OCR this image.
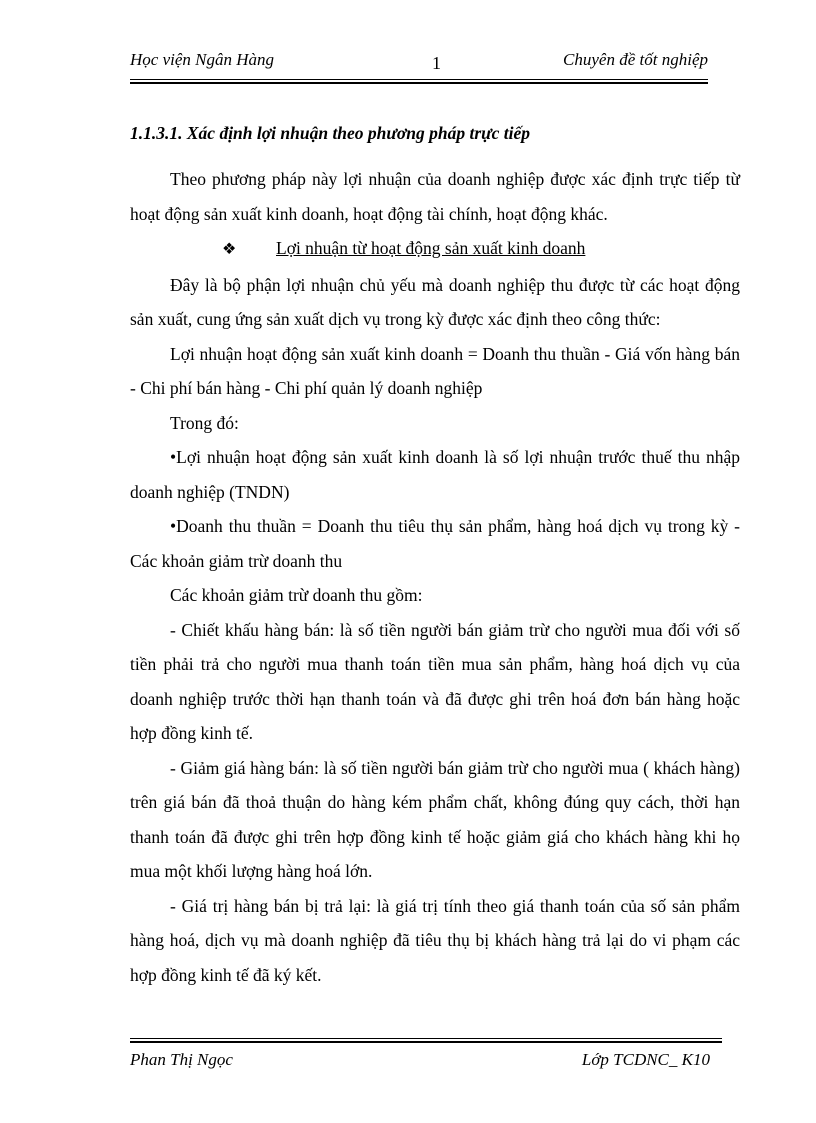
Học viện Ngân Hàng	1	Chuyên đề tốt nghiệp
1.1.3.1. Xác định lợi nhuận theo phương pháp trực tiếp

Theo phương pháp này lợi nhuận của doanh nghiệp được xác định trực tiếp từ hoạt động sản xuất kinh doanh, hoạt động tài chính, hoạt động khác.

❖ Lợi nhuận từ hoạt động sản xuất kinh doanh

Đây là bộ phận lợi nhuận chủ yếu mà doanh nghiệp thu được từ các hoạt động sản xuất, cung ứng sản xuất dịch vụ trong kỳ được xác định theo công thức:

Lợi nhuận hoạt động sản xuất kinh doanh = Doanh thu thuần - Giá vốn hàng bán - Chi phí bán hàng - Chi phí quản lý doanh nghiệp

Trong đó:

•Lợi nhuận hoạt động sản xuất kinh doanh là số lợi nhuận trước thuế thu nhập doanh nghiệp (TNDN)

•Doanh thu thuần = Doanh thu tiêu thụ sản phẩm, hàng hoá dịch vụ trong kỳ - Các khoản giảm trừ doanh thu

Các khoản giảm trừ doanh thu gồm:

- Chiết khấu hàng bán: là số tiền người bán giảm trừ cho người mua đối với số tiền phải trả cho người mua thanh toán tiền mua sản phẩm, hàng hoá dịch vụ của doanh nghiệp trước thời hạn thanh toán và đã được ghi trên hoá đơn bán hàng hoặc hợp đồng kinh tế.

- Giảm giá hàng bán: là số tiền người bán giảm trừ cho người mua ( khách hàng) trên giá bán đã thoả thuận do hàng kém phẩm chất, không đúng quy cách, thời hạn thanh toán đã được ghi trên hợp đồng kinh tế hoặc giảm giá cho khách hàng khi họ mua một khối lượng hàng hoá lớn.

- Giá trị hàng bán bị trả lại: là giá trị tính theo giá thanh toán của số sản phẩm hàng hoá, dịch vụ mà doanh nghiệp đã tiêu thụ bị khách hàng trả lại do vi phạm các hợp đồng kinh tế đã ký kết.

Phan Thị Ngọc	Lớp TCDNC_ K10
